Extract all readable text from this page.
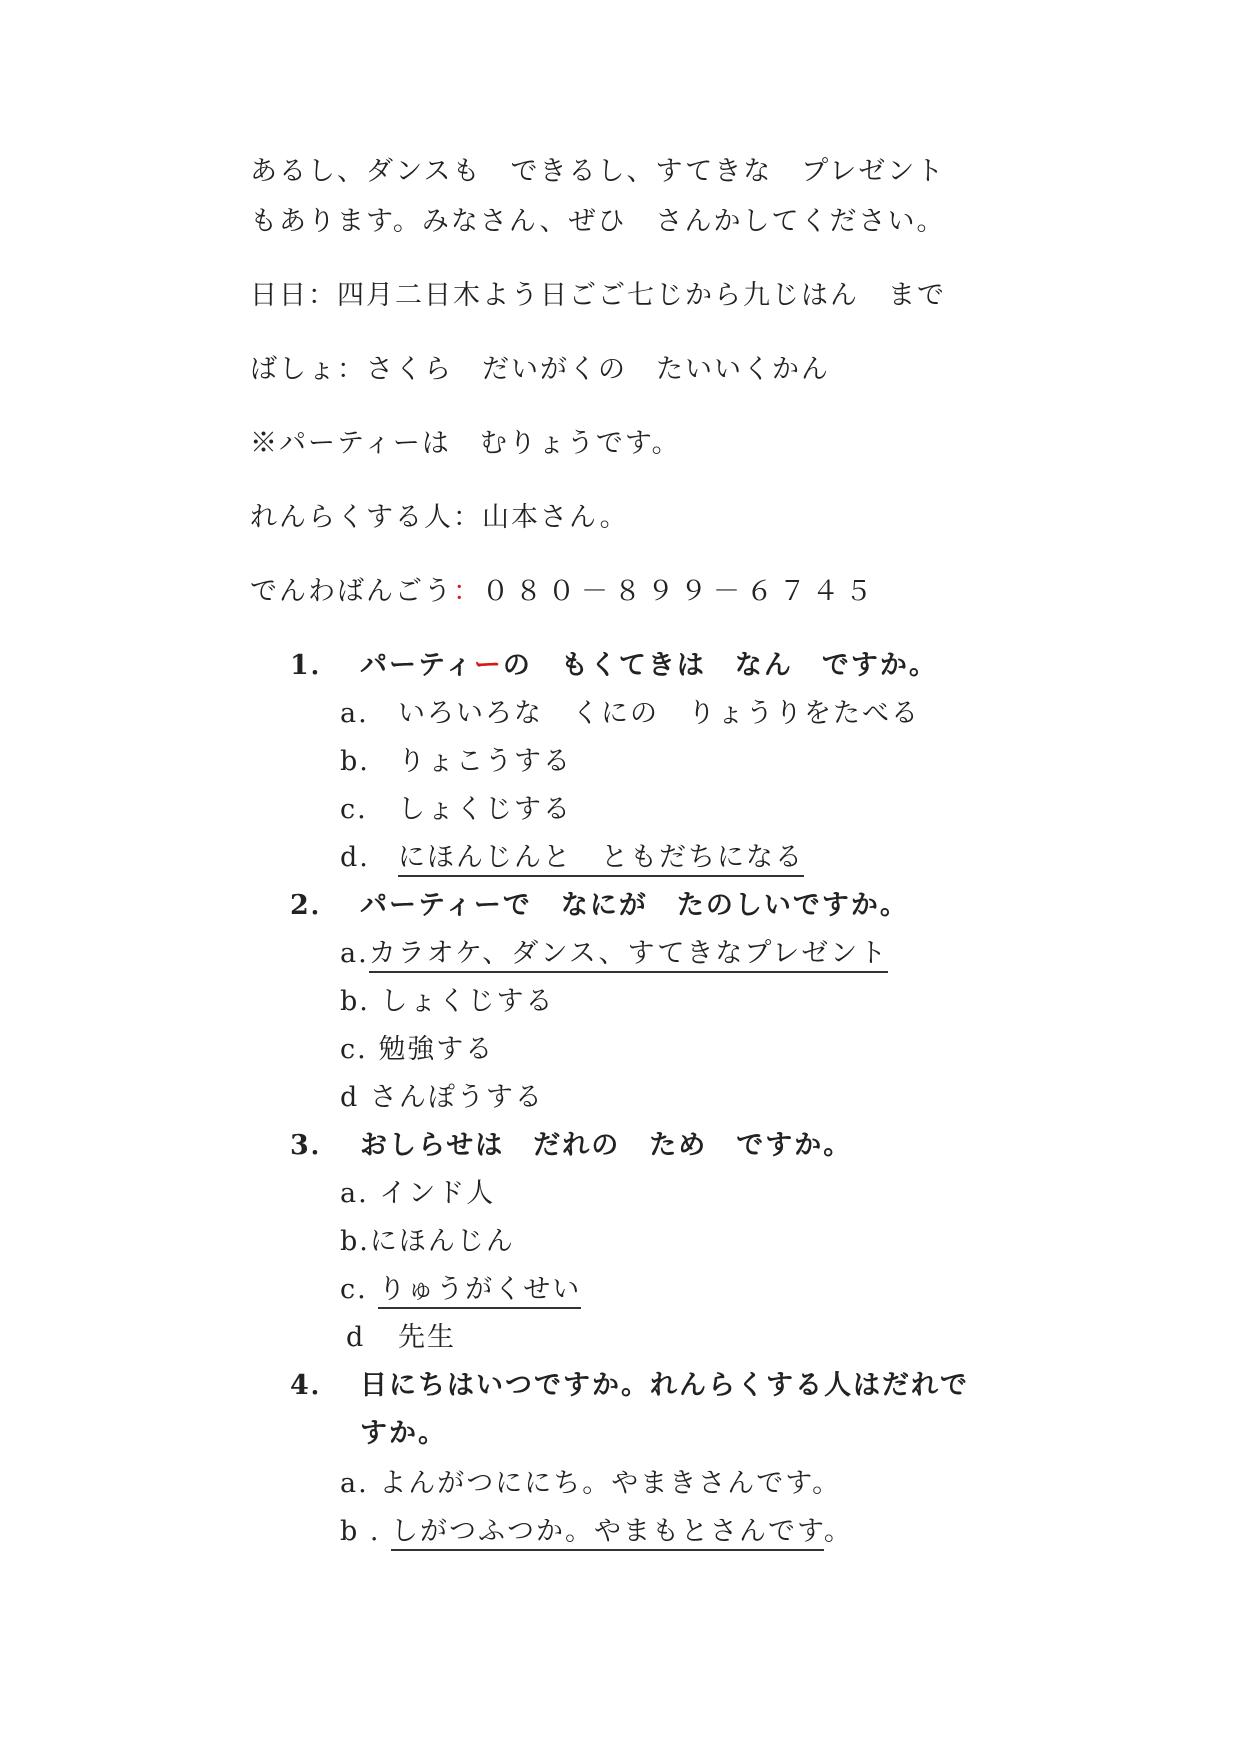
あるし、ダンスも　できるし、すてきな　プレゼント
もあります。みなさん、ぜひ　さんかしてください。
日日：四月二日木よう日ごご七じから九じはん　まで
ばしょ：さくら　だいがくの　たいいくかん
※パーティーは　むりょうです。
れんらくする人：山本さん。
でんわばんごう：０８０－８９９－６７４５
1． パーティーの　もくてきは　なん　ですか。
a. いろいろな　くにの　りょうりをたべる
b. りょこうする
c. しょくじする
d. にほんじんと　ともだちになる
2． パーティーで　なにが　たのしいですか。
a.カラオケ、ダンス、すてきなプレゼント
b. しょくじする
c. 勉強する
d さんぽうする
3． おしらせは　だれの　ため　ですか。
a. インド人
b.にほんじん
c. りゅうがくせい
d 先生
4． 日にちはいつですか。れんらくする人はだれで
すか。
a. よんがつににち。やまきさんです。
b . しがつふつか。やまもとさんです。
